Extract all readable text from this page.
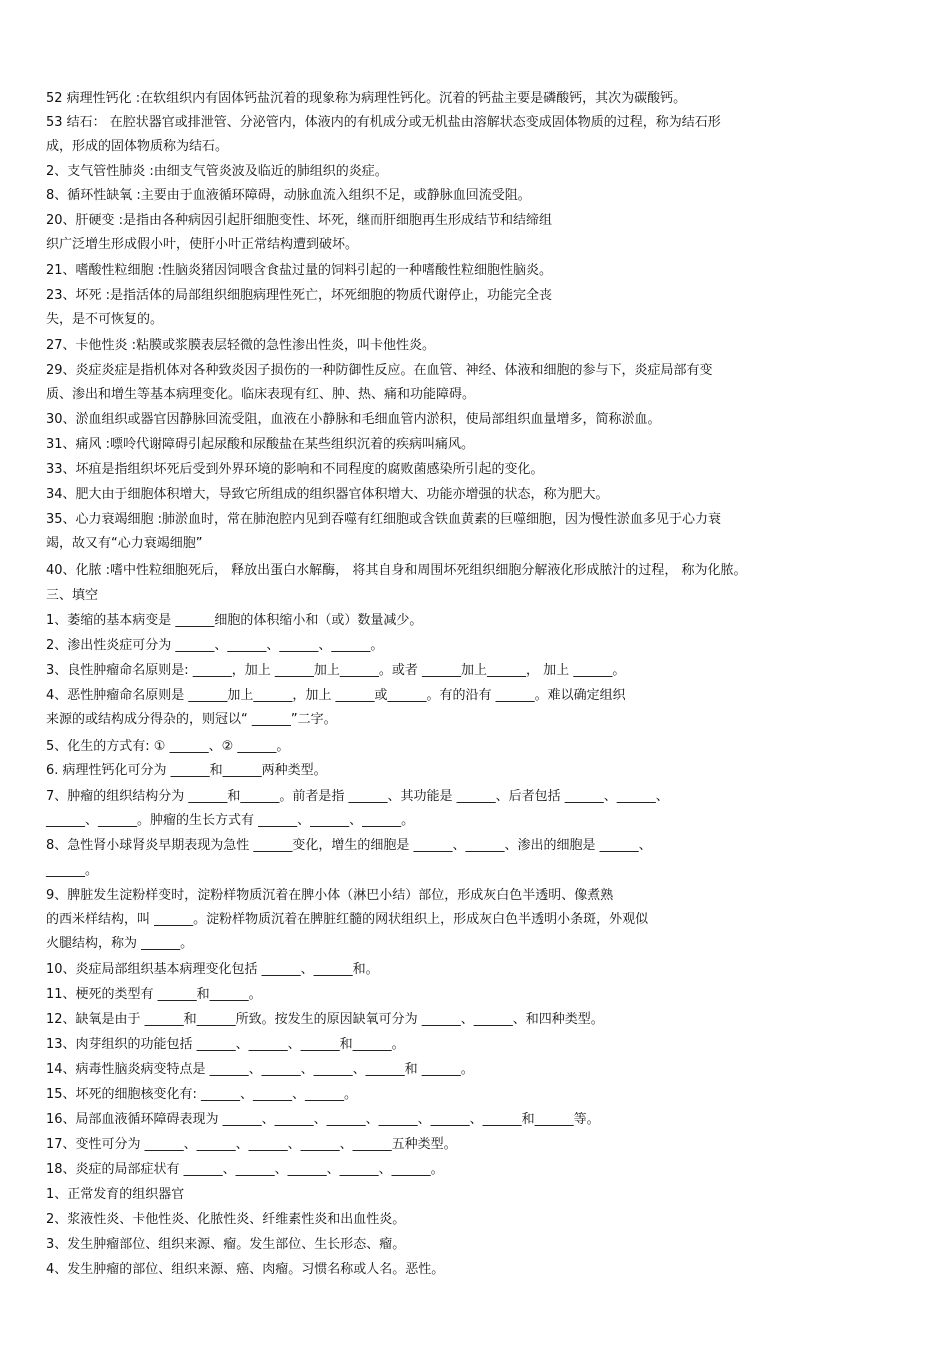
52 病理性钙化 :在软组织内有固体钙盐沉着的现象称为病理性钙化。沉着的钙盐主要是磷酸钙，其次为碳酸钙。

53 结石： 在腔状器官或排泄管、分泌管内，体液内的有机成分或无机盐由溶解状态变成固体物质的过程，称为结石形

成，形成的固体物质称为结石。

2、支气管性肺炎 :由细支气管炎波及临近的肺组织的炎症。

8、循环性缺氧 :主要由于血液循环障碍，动脉血流入组织不足，或静脉血回流受阻。

20、肝硬变 :是指由各种病因引起肝细胞变性、坏死，继而肝细胞再生形成结节和结缔组

织广泛增生形成假小叶，使肝小叶正常结构遭到破坏。

21、嗜酸性粒细胞 :性脑炎猪因饲喂含食盐过量的饲料引起的一种嗜酸性粒细胞性脑炎。

23、坏死 :是指活体的局部组织细胞病理性死亡，坏死细胞的物质代谢停止，功能完全丧

失，是不可恢复的。

27、卡他性炎 :粘膜或浆膜表层轻微的急性渗出性炎，叫卡他性炎。

29、炎症炎症是指机体对各种致炎因子损伤的一种防御性反应。在血管、神经、体液和细胞的参与下，炎症局部有变

质、渗出和增生等基本病理变化。临床表现有红、肿、热、痛和功能障碍。

30、淤血组织或器官因静脉回流受阻，血液在小静脉和毛细血管内淤积，使局部组织血量增多，简称淤血。

31、痛风 :嘌呤代谢障碍引起尿酸和尿酸盐在某些组织沉着的疾病叫痛风。

33、坏疽是指组织坏死后受到外界环境的影响和不同程度的腐败菌感染所引起的变化。

34、肥大由于细胞体积增大，导致它所组成的组织器官体积增大、功能亦增强的状态，称为肥大。

35、心力衰竭细胞 :肺淤血时，常在肺泡腔内见到吞噬有红细胞或含铁血黄素的巨噬细胞，因为慢性淤血多见于心力衰

竭，故又有“心力衰竭细胞”

40、化脓 :嗜中性粒细胞死后， 释放出蛋白水解酶， 将其自身和周围坏死组织细胞分解液化形成脓汁的过程， 称为化脓。

三、填空

1、萎缩的基本病变是 ______细胞的体积缩小和（或）数量减少。

2、渗出性炎症可分为 ______、______、______、______。

3、良性肿瘤命名原则是: ______，加上 ______加上______。或者 ______加上______， 加上 ______。

4、恶性肿瘤命名原则是 ______加上______，加上 ______或______。有的沿有 ______。难以确定组织

来源的或结构成分得杂的，则冠以“ ______”二字。

5、化生的方式有: ① ______、② ______。

6. 病理性钙化可分为 ______和______两种类型。

7、肿瘤的组织结构分为 ______和______。前者是指 ______、其功能是 ______、后者包括 ______、______、

______、______。肿瘤的生长方式有 ______、______、______。

8、急性肾小球肾炎早期表现为急性 ______变化，增生的细胞是 ______、______、渗出的细胞是 ______、

______。

9、脾脏发生淀粉样变时，淀粉样物质沉着在脾小体（淋巴小结）部位，形成灰白色半透明、像煮熟

的西米样结构，叫 ______。淀粉样物质沉着在脾脏红髓的网状组织上，形成灰白色半透明小条斑，外观似

火腿结构，称为 ______。

10、炎症局部组织基本病理变化包括 ______、______和。

11、梗死的类型有 ______和______。

12、缺氧是由于 ______和______所致。按发生的原因缺氧可分为 ______、______、和四种类型。

13、肉芽组织的功能包括 ______、______、______和______。

14、病毒性脑炎病变特点是 ______、______、______、______和 ______。

15、坏死的细胞核变化有: ______、______、______。

16、局部血液循环障碍表现为 ______、______、______、______、______、______和______等。

17、变性可分为 ______、______、______、______、______五种类型。

18、炎症的局部症状有 ______、______、______、______、______。

1、正常发育的组织器官

2、浆液性炎、卡他性炎、化脓性炎、纤维素性炎和出血性炎。

3、发生肿瘤部位、组织来源、瘤。发生部位、生长形态、瘤。

4、发生肿瘤的部位、组织来源、癌、肉瘤。习惯名称或人名。恶性。
